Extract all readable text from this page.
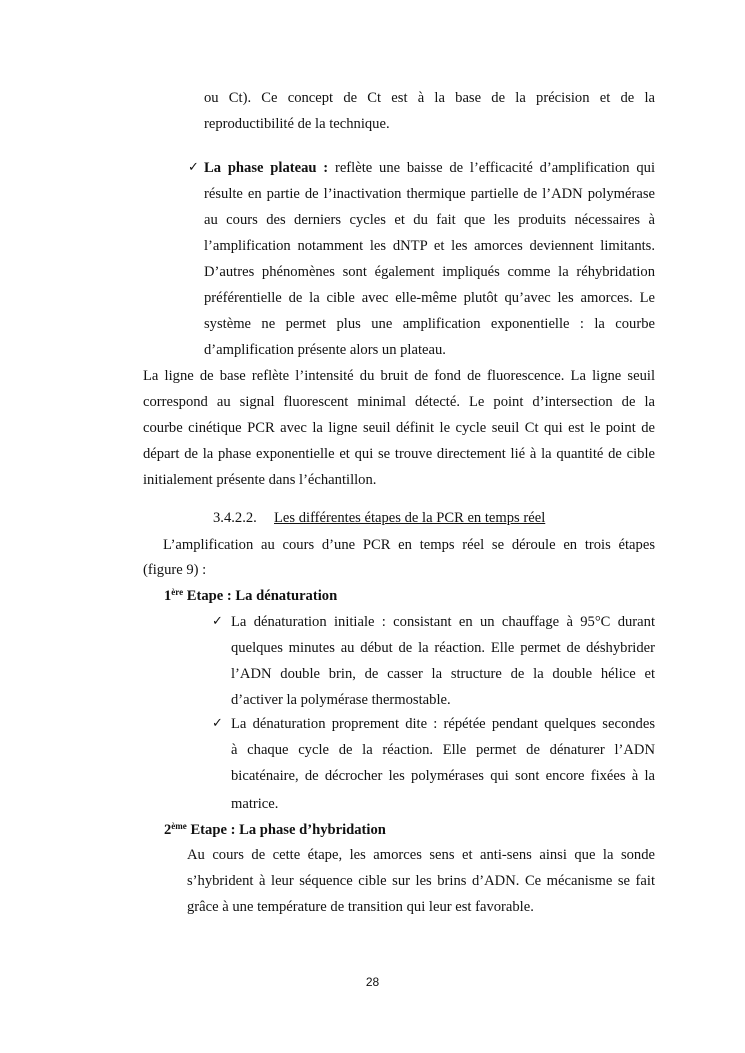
ou Ct). Ce concept de Ct est à la base de la précision et de la
reproductibilité de la technique.
✓ La phase plateau : reflète une baisse de l’efficacité d’amplification qui
résulte en partie de l’inactivation thermique partielle de l’ADN polymérase
au cours des derniers cycles et du fait que les produits nécessaires à
l’amplification notamment les dNTP et les amorces deviennent limitants.
D’autres phénomènes sont également impliqués comme la réhybridation
préférentielle de la cible avec elle-même plutôt qu’avec les amorces. Le
système ne permet plus une amplification exponentielle : la courbe
d’amplification présente alors un plateau.
La ligne de base reflète l’intensité du bruit de fond de fluorescence. La ligne seuil
correspond au signal fluorescent minimal détecté. Le point d’intersection de la
courbe cinétique PCR avec la ligne seuil définit le cycle seuil Ct qui est le point de
départ de la phase exponentielle et qui se trouve directement lié à la quantité de cible
initialement présente dans l’échantillon.
3.4.2.2. Les différentes étapes de la PCR en temps réel
L’amplification au cours d’une PCR en temps réel se déroule en trois étapes
(figure 9) :
1ère Etape : La dénaturation
✓ La dénaturation initiale : consistant en un chauffage à 95°C durant
quelques minutes au début de la réaction. Elle permet de déshybrider
l’ADN double brin, de casser la structure de la double hélice et
d’activer la polymérase thermostable.
✓ La dénaturation proprement dite : répétée pendant quelques secondes
à chaque cycle de la réaction. Elle permet de dénaturer l’ADN
bicaténaire, de décrocher les polymérases qui sont encore fixées à la
matrice.
2ème Etape : La phase d’hybridation
Au cours de cette étape, les amorces sens et anti-sens ainsi que la sonde
s’hybrident à leur séquence cible sur les brins d’ADN. Ce mécanisme se fait
grâce à une température de transition qui leur est favorable.
28
